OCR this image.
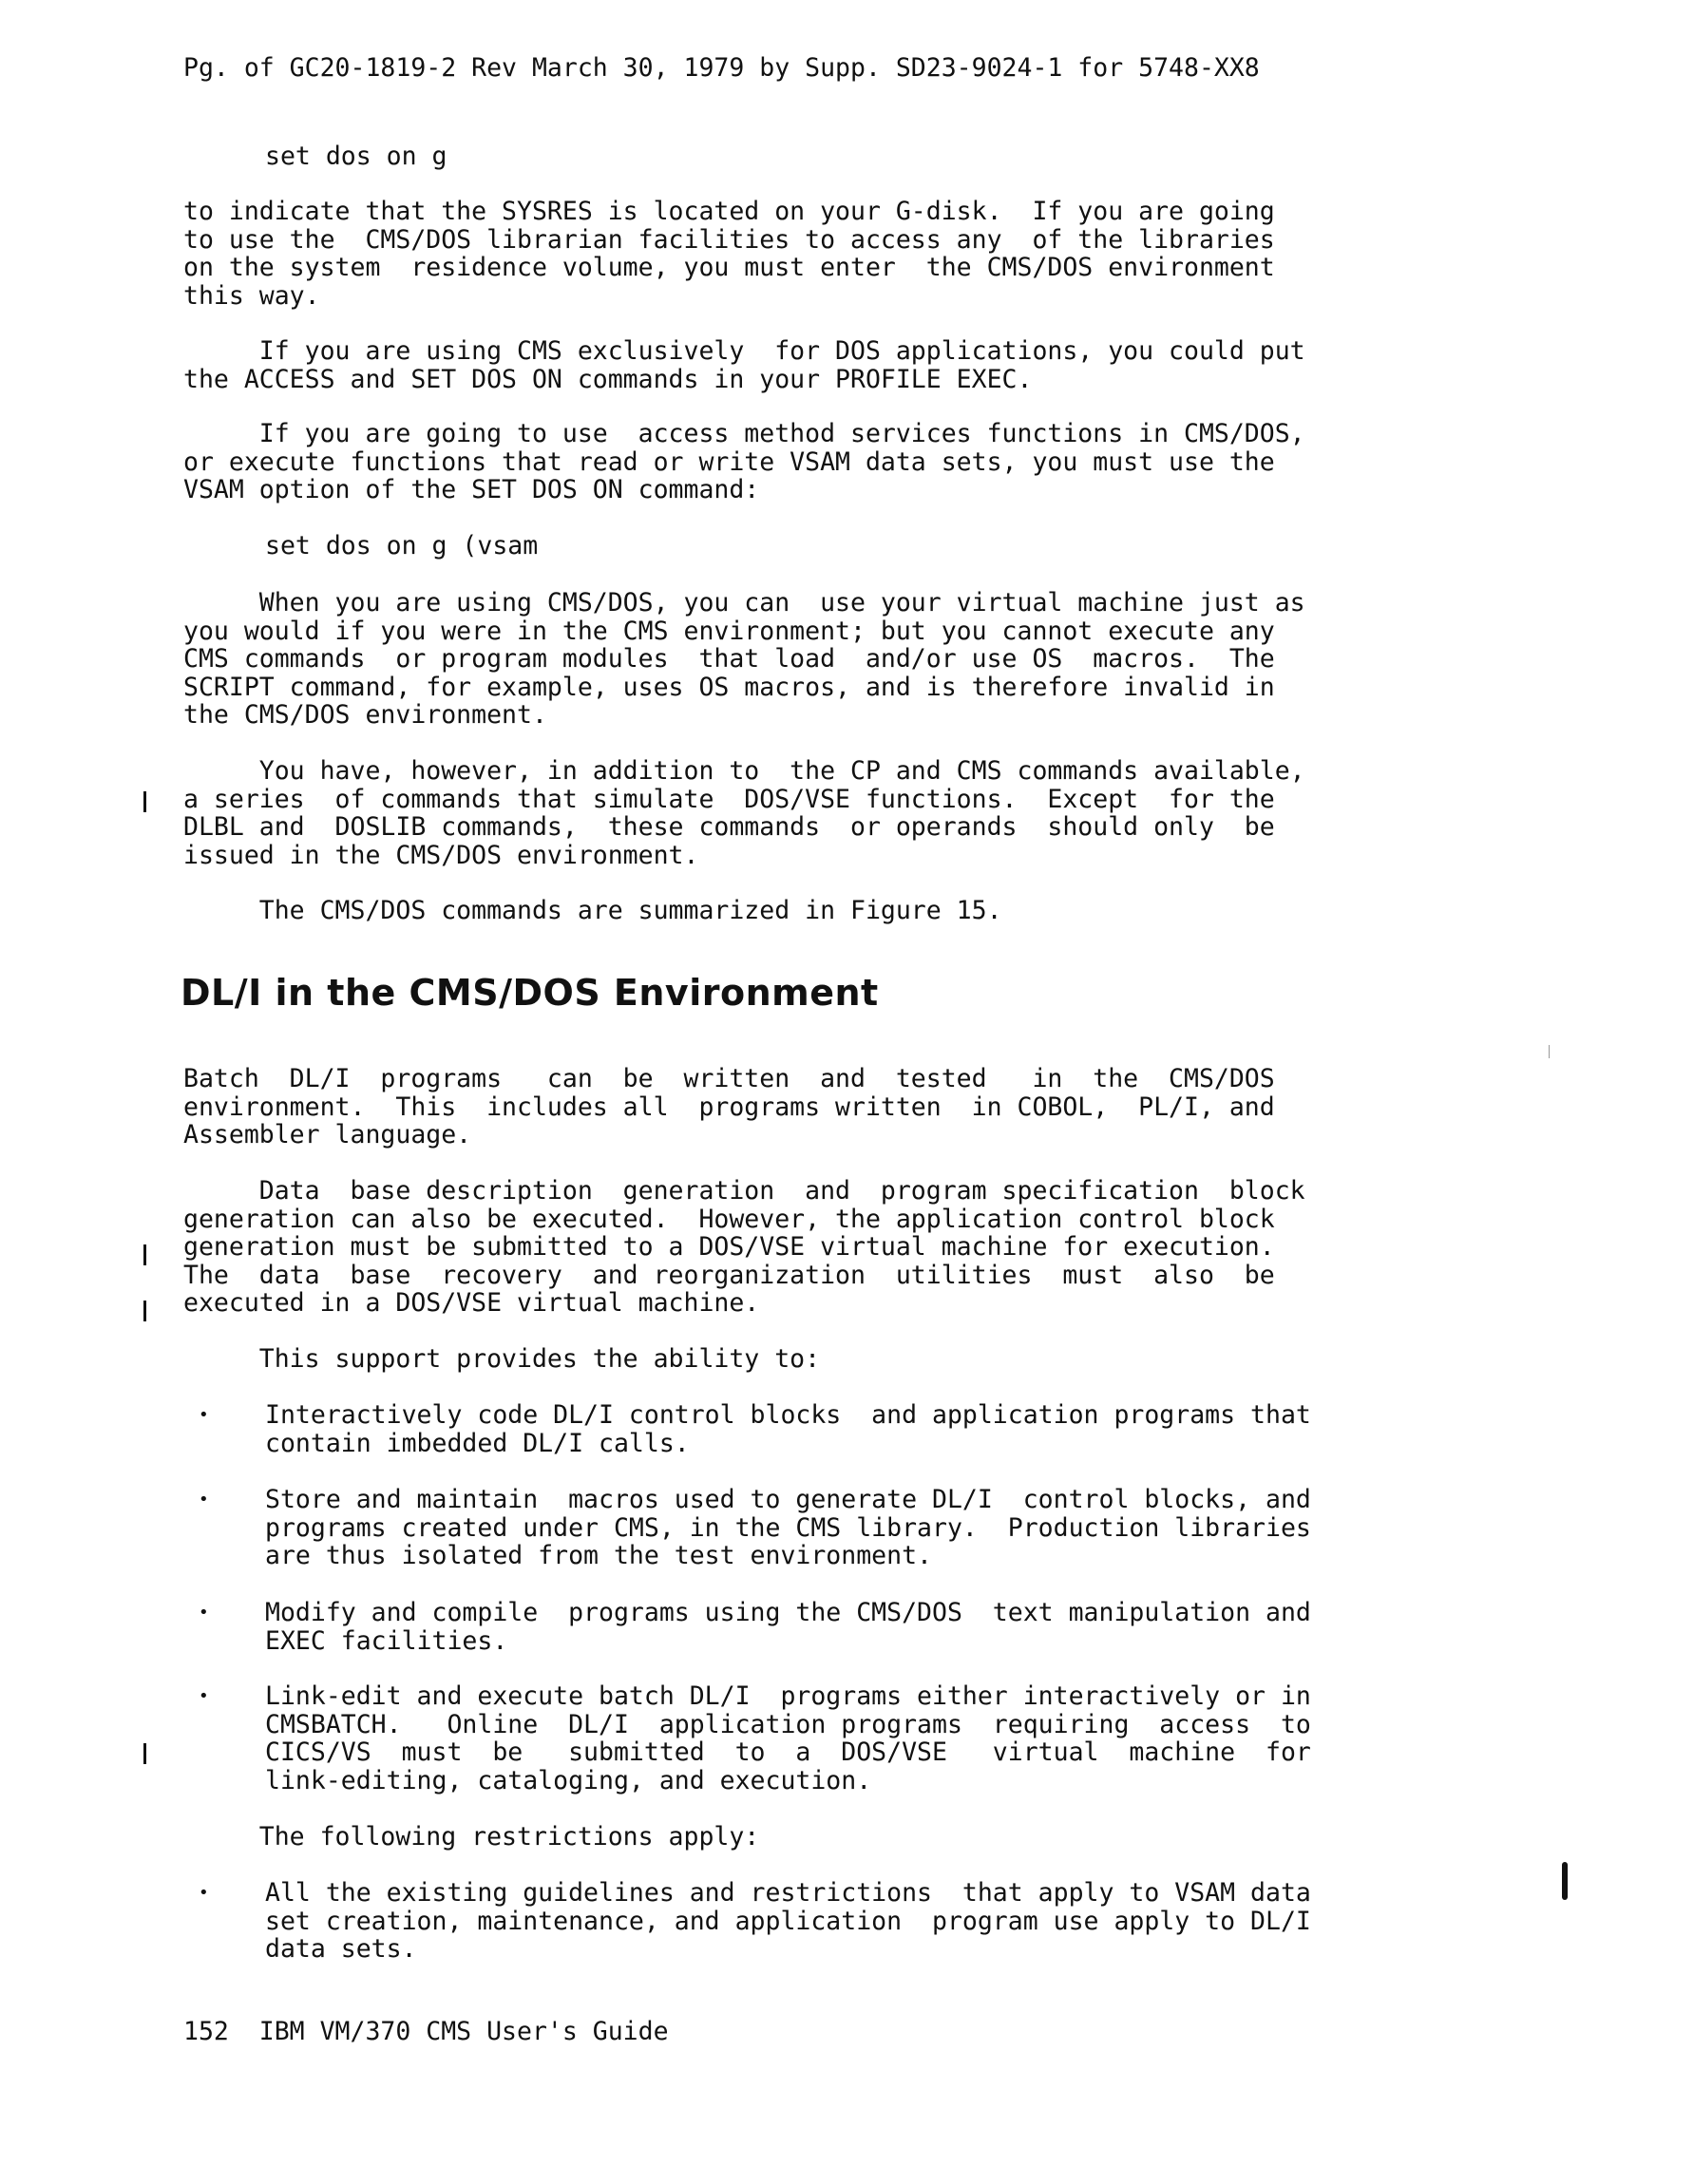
Pg. of GC20-1819-2 Rev March 30, 1979 by Supp. SD23-9024-1 for 5748-XX8
set dos on g
to indicate that the SYSRES is located on your G-disk.  If you are going
to use the  CMS/DOS librarian facilities to access any  of the libraries
on the system  residence volume, you must enter  the CMS/DOS environment
this way.
If you are using CMS exclusively  for DOS applications, you could put
the ACCESS and SET DOS ON commands in your PROFILE EXEC.
If you are going to use  access method services functions in CMS/DOS,
or execute functions that read or write VSAM data sets, you must use the
VSAM option of the SET DOS ON command:
set dos on g (vsam
When you are using CMS/DOS, you can  use your virtual machine just as
you would if you were in the CMS environment; but you cannot execute any
CMS commands  or program modules  that load  and/or use OS  macros.  The
SCRIPT command, for example, uses OS macros, and is therefore invalid in
the CMS/DOS environment.
You have, however, in addition to  the CP and CMS commands available,
a series  of commands that simulate  DOS/VSE functions.  Except  for the
DLBL and  DOSLIB commands,  these commands  or operands  should only  be
issued in the CMS/DOS environment.
The CMS/DOS commands are summarized in Figure 15.
DL/I in the CMS/DOS Environment
Batch  DL/I  programs   can  be  written  and  tested   in  the  CMS/DOS
environment.  This  includes all  programs written  in COBOL,  PL/I, and
Assembler language.
Data  base description  generation  and  program specification  block
generation can also be executed.  However, the application control block
generation must be submitted to a DOS/VSE virtual machine for execution.
The  data  base  recovery  and reorganization  utilities  must  also  be
executed in a DOS/VSE virtual machine.
This support provides the ability to:
• Interactively code DL/I control blocks  and application programs that
contain imbedded DL/I calls.
• Store and maintain  macros used to generate DL/I  control blocks, and
programs created under CMS, in the CMS library.  Production libraries
are thus isolated from the test environment.
• Modify and compile  programs using the CMS/DOS  text manipulation and
EXEC facilities.
• Link-edit and execute batch DL/I  programs either interactively or in
CMSBATCH.   Online  DL/I  application programs  requiring  access  to
CICS/VS  must  be   submitted  to  a  DOS/VSE   virtual  machine  for
link-editing, cataloging, and execution.
The following restrictions apply:
• All the existing guidelines and restrictions  that apply to VSAM data
set creation, maintenance, and application  program use apply to DL/I
data sets.
152  IBM VM/370 CMS User's Guide
